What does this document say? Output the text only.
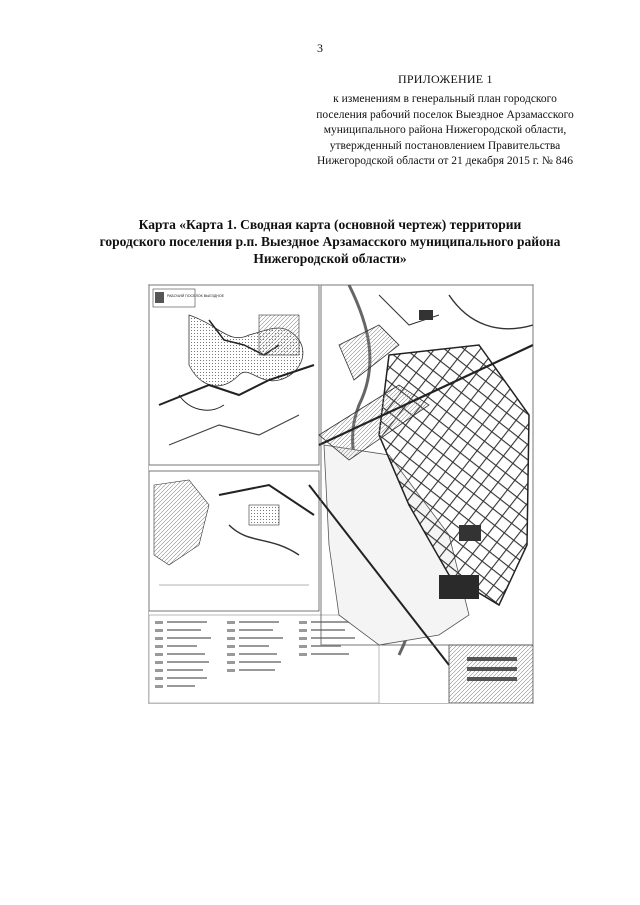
3
ПРИЛОЖЕНИЕ 1
к изменениям в генеральный план городского
поселения рабочий поселок Выездное Арзамасского
муниципального района Нижегородской области,
утвержденный постановлением Правительства
Нижегородской области от 21 декабря 2015 г. № 846
Карта «Карта 1. Сводная карта (основной чертеж) территории
городского поселения р.п. Выездное Арзамасского муниципального района
Нижегородской области»
РАБОЧИЙ ПОСЕЛОК ВЫЕЗДНОЕ
